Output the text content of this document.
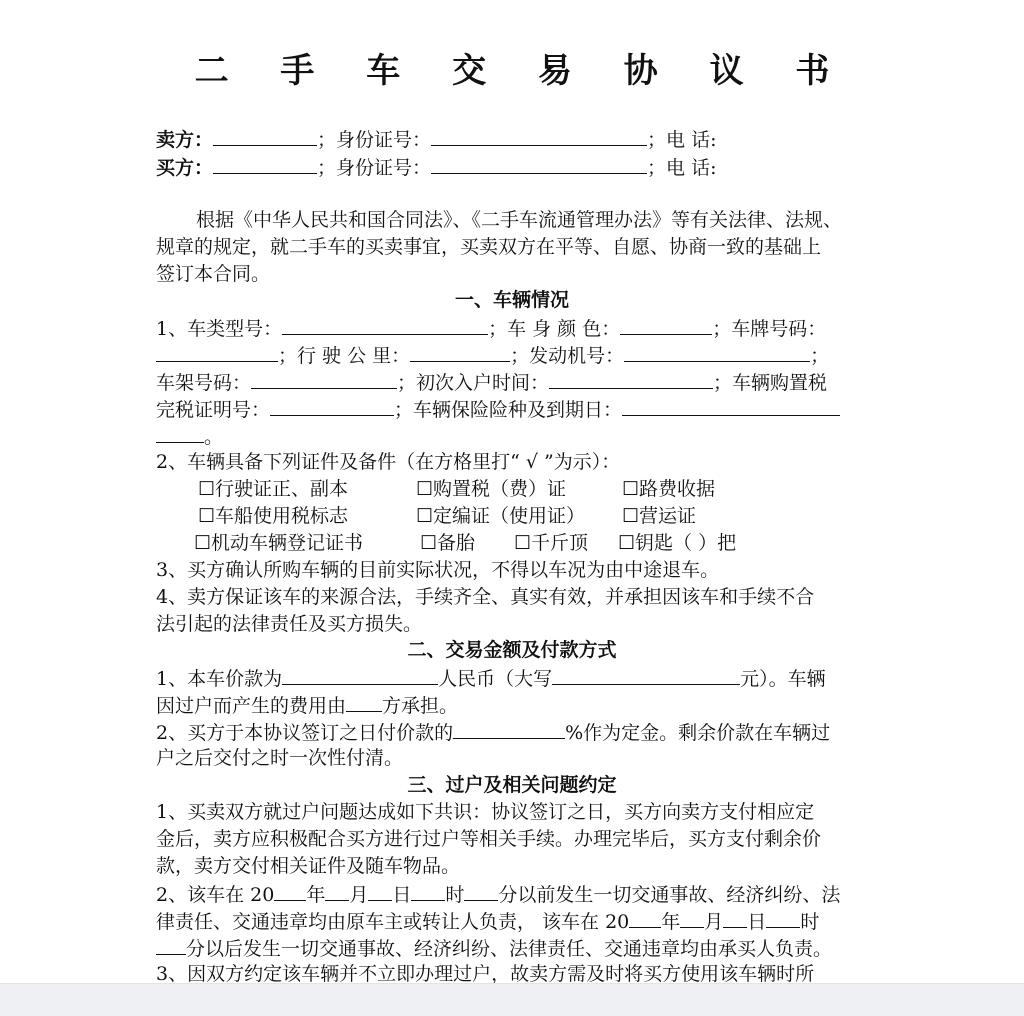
二 手 车 交 易 协 议 书
卖方：	；身份证号：	；电 话:
买方：	；身份证号：	；电 话:
根据《中华人民共和国合同法》、《二手车流通管理办法》等有关法律、法规、
规章的规定，就二手车的买卖事宜，买卖双方在平等、自愿、协商一致的基础上
签订本合同。
一、车辆情况
1、车类型号：	；车 身 颜 色：	；车牌号码：
；行 驶 公 里：	；发动机号：	；
车架号码：	；初次入户时间：	；车辆购置税
完税证明号：	；车辆保险险种及到期日：
。
2、车辆具备下列证件及备件（在方格里打“ √ ”为示）：
☐行驶证正、副本	☐购置税（费）证	☐路费收据
☐车船使用税标志	☐定编证（使用证） ☐营运证
☐机动车辆登记证书	☐备胎 ☐千斤顶 ☐钥匙（ ）把
3、买方确认所购车辆的目前实际状况，不得以车况为由中途退车。
4、卖方保证该车的来源合法，手续齐全、真实有效，并承担因该车和手续不合
法引起的法律责任及买方损失。
二、交易金额及付款方式
1、本车价款为	人民币（大写	元）。车辆
因过户而产生的费用由 方承担。
2、买方于本协议签订之日付价款的	%作为定金。剩余价款在车辆过
户之后交付之时一次性付清。
三、过户及相关问题约定
1、买卖双方就过户问题达成如下共识：协议签订之日，买方向卖方支付相应定
金后，卖方应积极配合买方进行过户等相关手续。办理完毕后，买方支付剩余价
款，卖方交付相关证件及随车物品。
2、该车在 20 年 月 日 时 分以前发生一切交通事故、经济纠纷、法
律责任、交通违章均由原车主或转让人负责， 该车在 20 年 月 日 时
分以后发生一切交通事故、经济纠纷、法律责任、交通违章均由承买人负责。
3、因双方约定该车辆并不立即办理过户，故卖方需及时将买方使用该车辆时所
